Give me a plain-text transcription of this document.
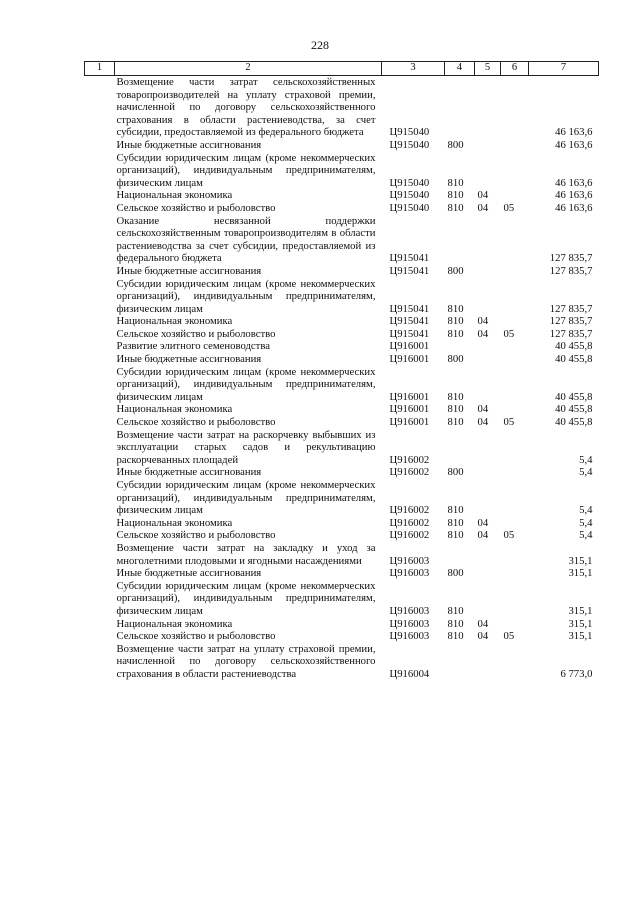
228
1	2	3	4	5	6	7
	Возмещение части затрат сельскохозяйственных товаропроизводителей на уплату страховой премии, начисленной по договору сельскохозяйственного страхования в области растениеводства, за счет субсидии, предоставляемой из федерального бюджета	Ц915040				46 163,6
	Иные бюджетные ассигнования	Ц915040	800			46 163,6
	Субсидии юридическим лицам (кроме некоммерческих организаций), индивидуальным предпринимателям, физическим лицам	Ц915040	810			46 163,6
	Национальная экономика	Ц915040	810	04		46 163,6
	Сельское хозяйство и рыболовство	Ц915040	810	04	05	46 163,6
	Оказание несвязанной поддержки сельскохозяйственным товаропроизводителям в области растениеводства за счет субсидии, предоставляемой из федерального бюджета	Ц915041				127 835,7
	Иные бюджетные ассигнования	Ц915041	800			127 835,7
	Субсидии юридическим лицам (кроме некоммерческих организаций), индивидуальным предпринимателям, физическим лицам	Ц915041	810			127 835,7
	Национальная экономика	Ц915041	810	04		127 835,7
	Сельское хозяйство и рыболовство	Ц915041	810	04	05	127 835,7
	Развитие элитного семеноводства	Ц916001				40 455,8
	Иные бюджетные ассигнования	Ц916001	800			40 455,8
	Субсидии юридическим лицам (кроме некоммерческих организаций), индивидуальным предпринимателям, физическим лицам	Ц916001	810			40 455,8
	Национальная экономика	Ц916001	810	04		40 455,8
	Сельское хозяйство и рыболовство	Ц916001	810	04	05	40 455,8
	Возмещение части затрат на раскорчевку выбывших из эксплуатации старых садов и рекультивацию раскорчеванных площадей	Ц916002				5,4
	Иные бюджетные ассигнования	Ц916002	800			5,4
	Субсидии юридическим лицам (кроме некоммерческих организаций), индивидуальным предпринимателям, физическим лицам	Ц916002	810			5,4
	Национальная экономика	Ц916002	810	04		5,4
	Сельское хозяйство и рыболовство	Ц916002	810	04	05	5,4
	Возмещение части затрат на закладку и уход за многолетними плодовыми и ягодными насаждениями	Ц916003				315,1
	Иные бюджетные ассигнования	Ц916003	800			315,1
	Субсидии юридическим лицам (кроме некоммерческих организаций), индивидуальным предпринимателям, физическим лицам	Ц916003	810			315,1
	Национальная экономика	Ц916003	810	04		315,1
	Сельское хозяйство и рыболовство	Ц916003	810	04	05	315,1
	Возмещение части затрат на уплату страховой премии, начисленной по договору сельскохозяйственного страхования в области растениеводства	Ц916004				6 773,0
